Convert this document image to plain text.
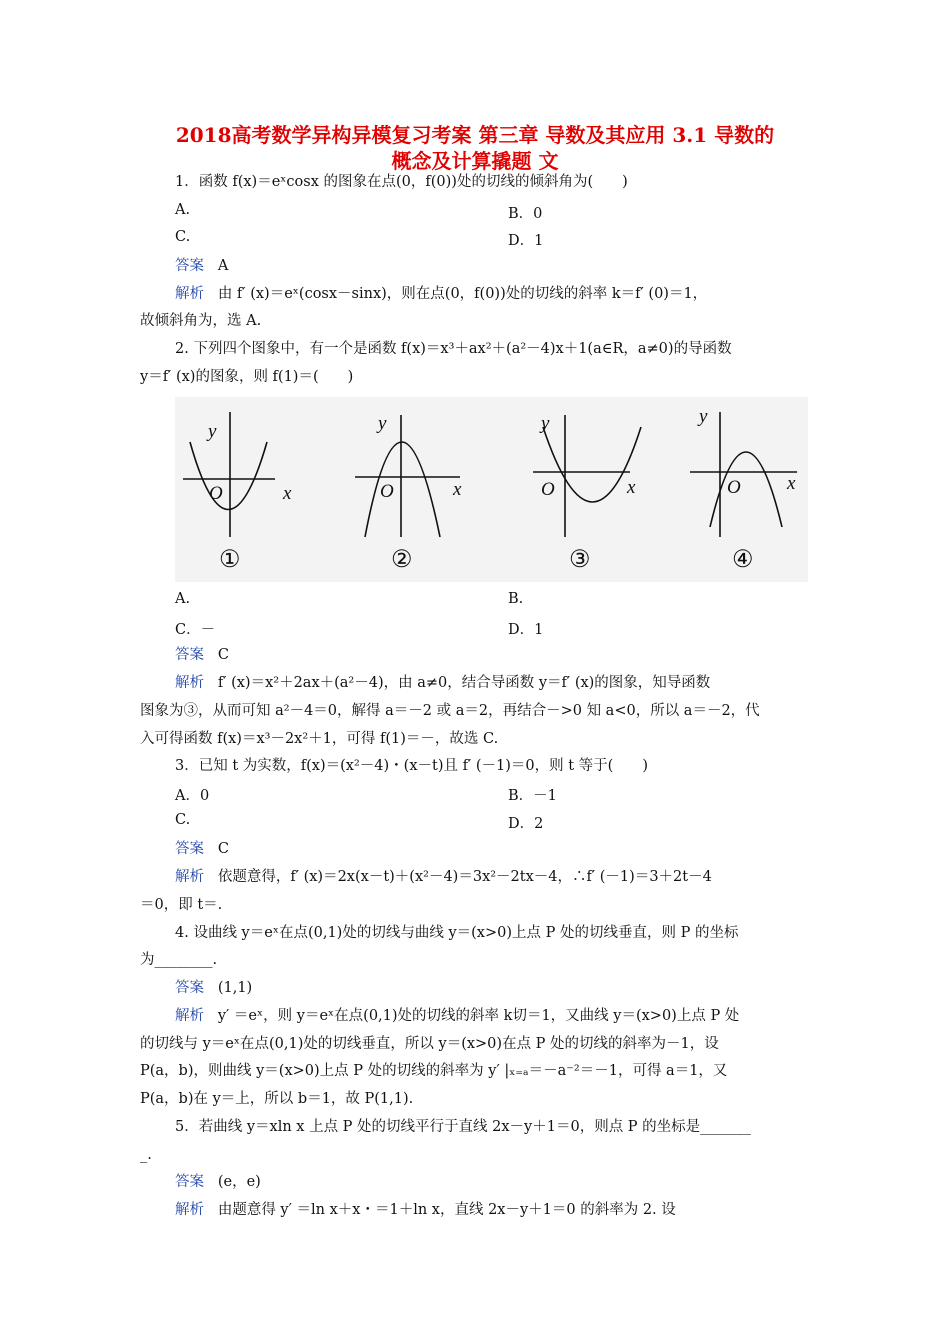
2018高考数学异构异模复习考案 第三章 导数及其应用 3.1 导数的
概念及计算撬题 文
1．函数 f(x)＝eˣcosx 的图象在点(0，f(0))处的切线的倾斜角为(　　)
A.	B．0
C.	D．1
答案 A
解析 由 f′ (x)＝eˣ(cosx－sinx)，则在点(0，f(0))处的切线的斜率 k＝f′ (0)＝1，
故倾斜角为，选 A.
2. 下列四个图象中，有一个是函数 f(x)＝x³＋ax²＋(a²－4)x＋1(a∈R，a≠0)的导函数
y＝f′ (x)的图象，则 f(1)＝(　　)
y
x
O
①
y
x
O
②
y
x
O
③
y
x
O
④
A.	B.
C．－	D．1
答案 C
解析 f′ (x)＝x²＋2ax＋(a²－4)，由 a≠0，结合导函数 y＝f′ (x)的图象，知导函数
图象为③，从而可知 a²－4＝0，解得 a＝－2 或 a＝2，再结合－>0 知 a<0，所以 a＝－2，代
入可得函数 f(x)＝x³－2x²＋1，可得 f(1)＝－，故选 C.
3．已知 t 为实数，f(x)＝(x²－4)・(x－t)且 f′ (－1)＝0，则 t 等于(　　)
A．0	B．－1
C.	D．2
答案 C
解析 依题意得，f′ (x)＝2x(x－t)＋(x²－4)＝3x²－2tx－4，∴f′ (－1)＝3＋2t－4
＝0，即 t＝.
4. 设曲线 y＝eˣ在点(0,1)处的切线与曲线 y＝(x>0)上点 P 处的切线垂直，则 P 的坐标
为________.
答案 (1,1)
解析 y′ ＝eˣ，则 y＝eˣ在点(0,1)处的切线的斜率 k切＝1，又曲线 y＝(x>0)上点 P 处
的切线与 y＝eˣ在点(0,1)处的切线垂直，所以 y＝(x>0)在点 P 处的切线的斜率为－1，设
P(a，b)，则曲线 y＝(x>0)上点 P 处的切线的斜率为 y′ |ₓ₌ₐ＝－a⁻²＝－1，可得 a＝1，又
P(a，b)在 y＝上，所以 b＝1，故 P(1,1).
5．若曲线 y＝xln x 上点 P 处的切线平行于直线 2x－y＋1＝0，则点 P 的坐标是_______
_.
答案 (e，e)
解析 由题意得 y′ ＝ln x＋x・＝1＋ln x，直线 2x－y＋1＝0 的斜率为 2. 设
